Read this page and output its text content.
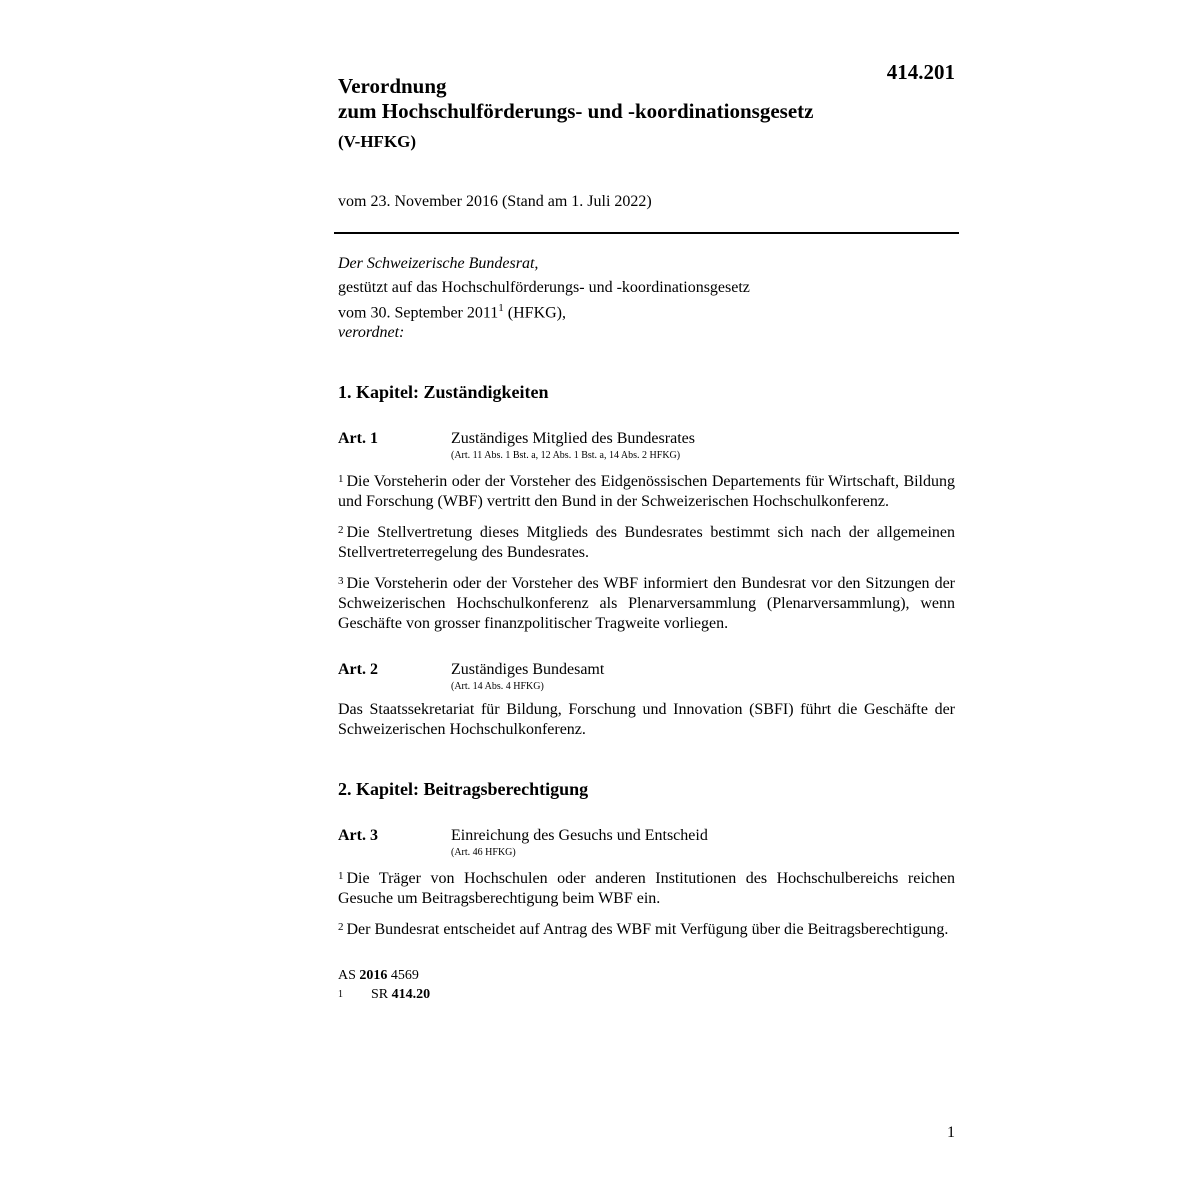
414.201
Verordnung
zum Hochschulförderungs- und -koordinationsgesetz
(V-HFKG)
vom 23. November 2016 (Stand am 1. Juli 2022)
Der Schweizerische Bundesrat,
gestützt auf das Hochschulförderungs- und -koordinationsgesetz
vom 30. September 2011$^1$ (HFKG),
verordnet:
1. Kapitel: Zuständigkeiten
Art. 1	Zuständiges Mitglied des Bundesrates
(Art. 11 Abs. 1 Bst. a, 12 Abs. 1 Bst. a, 14 Abs. 2 HFKG)
$^1$ Die Vorsteherin oder der Vorsteher des Eidgenössischen Departements für Wirtschaft, Bildung und Forschung (WBF) vertritt den Bund in der Schweizerischen Hochschulkonferenz.
$^2$ Die Stellvertretung dieses Mitglieds des Bundesrates bestimmt sich nach der allgemeinen Stellvertreterregelung des Bundesrates.
$^3$ Die Vorsteherin oder der Vorsteher des WBF informiert den Bundesrat vor den Sitzungen der Schweizerischen Hochschulkonferenz als Plenarversammlung (Plenarversammlung), wenn Geschäfte von grosser finanzpolitischer Tragweite vorliegen.
Art. 2	Zuständiges Bundesamt
(Art. 14 Abs. 4 HFKG)
Das Staatssekretariat für Bildung, Forschung und Innovation (SBFI) führt die Geschäfte der Schweizerischen Hochschulkonferenz.
2. Kapitel: Beitragsberechtigung
Art. 3	Einreichung des Gesuchs und Entscheid
(Art. 46 HFKG)
$^1$ Die Träger von Hochschulen oder anderen Institutionen des Hochschulbereichs reichen Gesuche um Beitragsberechtigung beim WBF ein.
$^2$ Der Bundesrat entscheidet auf Antrag des WBF mit Verfügung über die Beitragsberechtigung.
AS 2016 4569
1	SR 414.20
1
